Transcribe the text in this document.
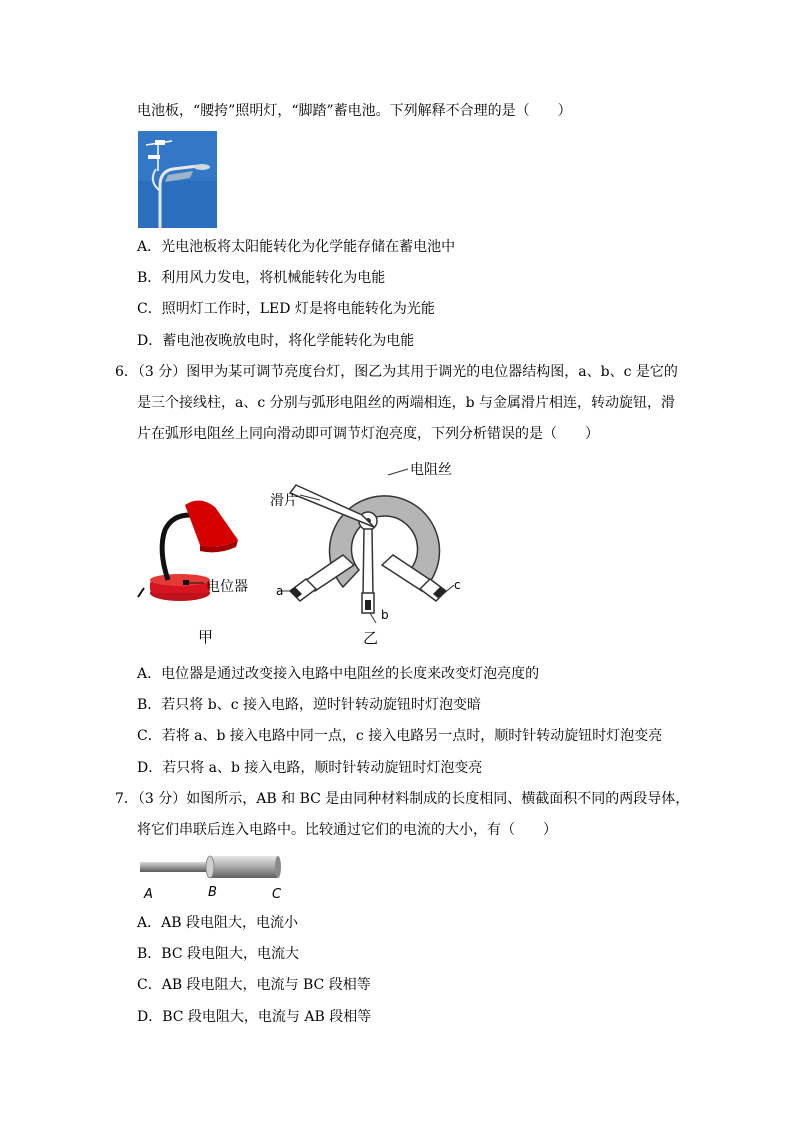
电池板，“腰挎”照明灯，“脚踏”蓄电池。下列解释不合理的是（　　）
A．光电池板将太阳能转化为化学能存储在蓄电池中
B．利用风力发电，将机械能转化为电能
C．照明灯工作时，LED 灯是将电能转化为光能
D．蓄电池夜晚放电时，将化学能转化为电能
6．（3 分）图甲为某可调节亮度台灯，图乙为其用于调光的电位器结构图，a、b、c 是它的
是三个接线柱，a、c 分别与弧形电阻丝的两端相连，b 与金属滑片相连，转动旋钮，滑
片在弧形电阻丝上同向滑动即可调节灯泡亮度，下列分析错误的是（　　）
电位器
甲
电阻丝
滑片
a
b
c
乙
A．电位器是通过改变接入电路中电阻丝的长度来改变灯泡亮度的
B．若只将 b、c 接入电路，逆时针转动旋钮时灯泡变暗
C．若将 a、b 接入电路中同一点，c 接入电路另一点时，顺时针转动旋钮时灯泡变亮
D．若只将 a、b 接入电路，顺时针转动旋钮时灯泡变亮
7．（3 分）如图所示，AB 和 BC 是由同种材料制成的长度相同、横截面积不同的两段导体，
将它们串联后连入电路中。比较通过它们的电流的大小，有（　　）
A	B	C
A．AB 段电阻大，电流小
B．BC 段电阻大，电流大
C．AB 段电阻大，电流与 BC 段相等
D．BC 段电阻大，电流与 AB 段相等
